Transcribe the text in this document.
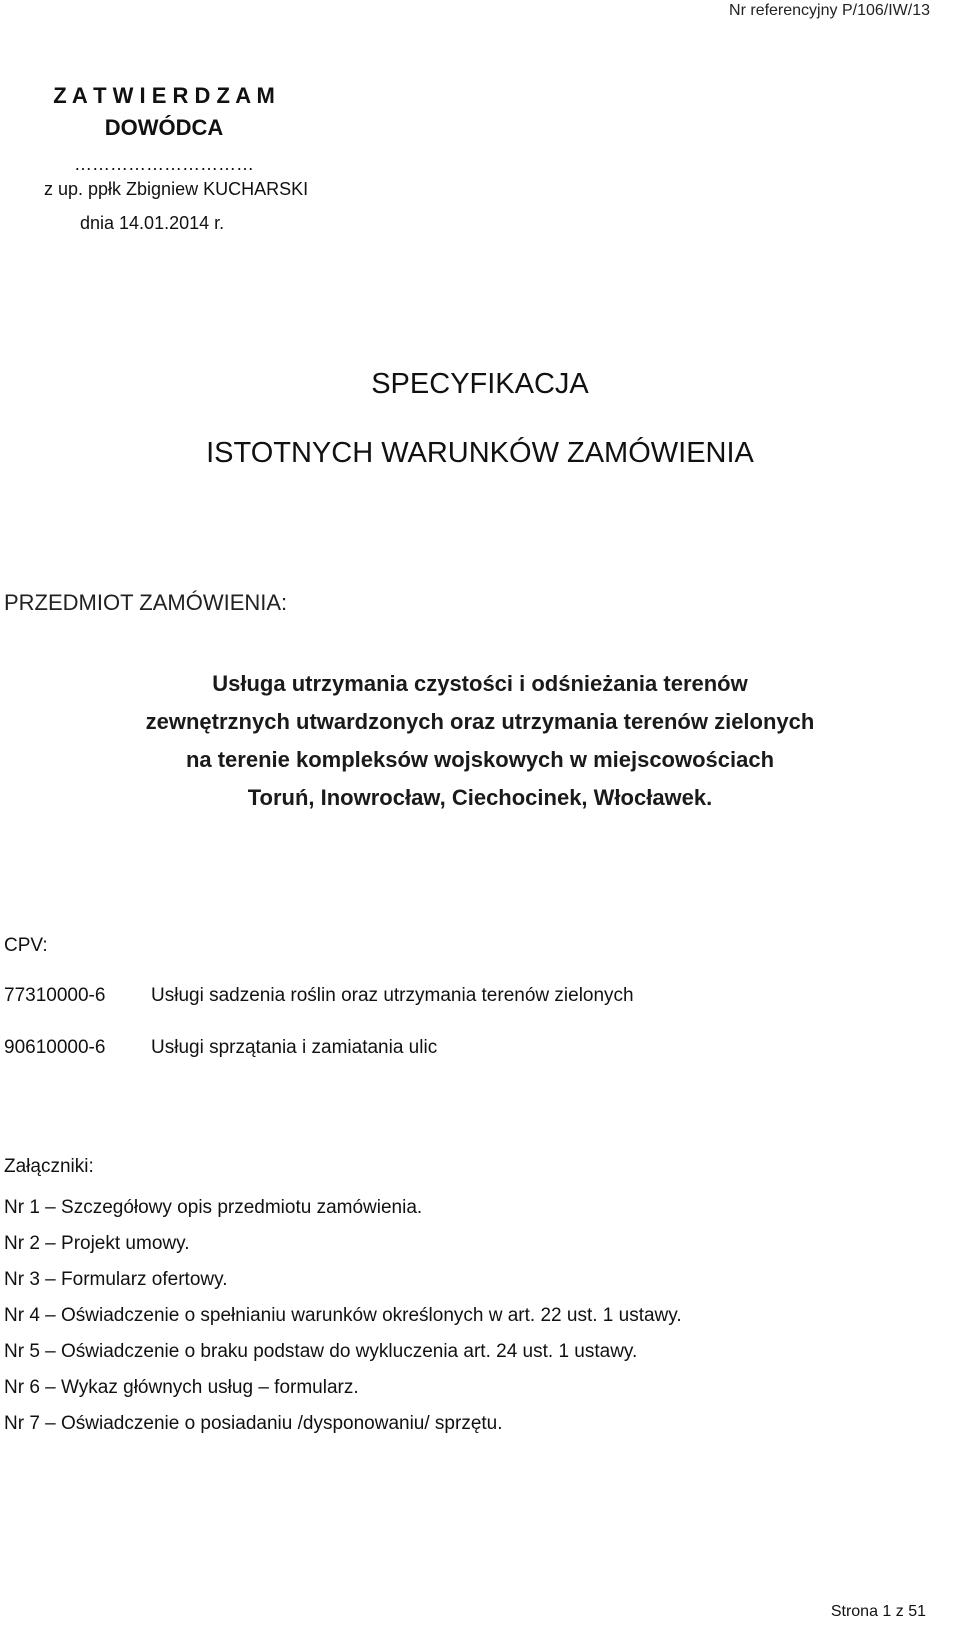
Nr referencyjny P/106/IW/13
Z A T W I E R D Z A M
DOWÓDCA
…………………………
z up. ppłk Zbigniew KUCHARSKI
dnia 14.01.2014 r.
SPECYFIKACJA
ISTOTNYCH WARUNKÓW ZAMÓWIENIA
PRZEDMIOT ZAMÓWIENIA:
Usługa utrzymania czystości i odśnieżania terenów
zewnętrznych utwardzonych oraz utrzymania terenów zielonych
na terenie kompleksów wojskowych w miejscowościach
Toruń, Inowrocław, Ciechocinek, Włocławek.
CPV:
77310000-6 Usługi sadzenia roślin oraz utrzymania terenów zielonych
90610000-6 Usługi sprzątania i zamiatania ulic
Załączniki:
Nr 1 – Szczegółowy opis przedmiotu zamówienia.
Nr 2 – Projekt umowy.
Nr 3 – Formularz ofertowy.
Nr 4 – Oświadczenie o spełnianiu warunków określonych w art. 22 ust. 1 ustawy.
Nr 5 – Oświadczenie o braku podstaw do wykluczenia art. 24 ust. 1 ustawy.
Nr 6 – Wykaz głównych usług – formularz.
Nr 7 – Oświadczenie o posiadaniu /dysponowaniu/ sprzętu.
Strona 1 z 51
